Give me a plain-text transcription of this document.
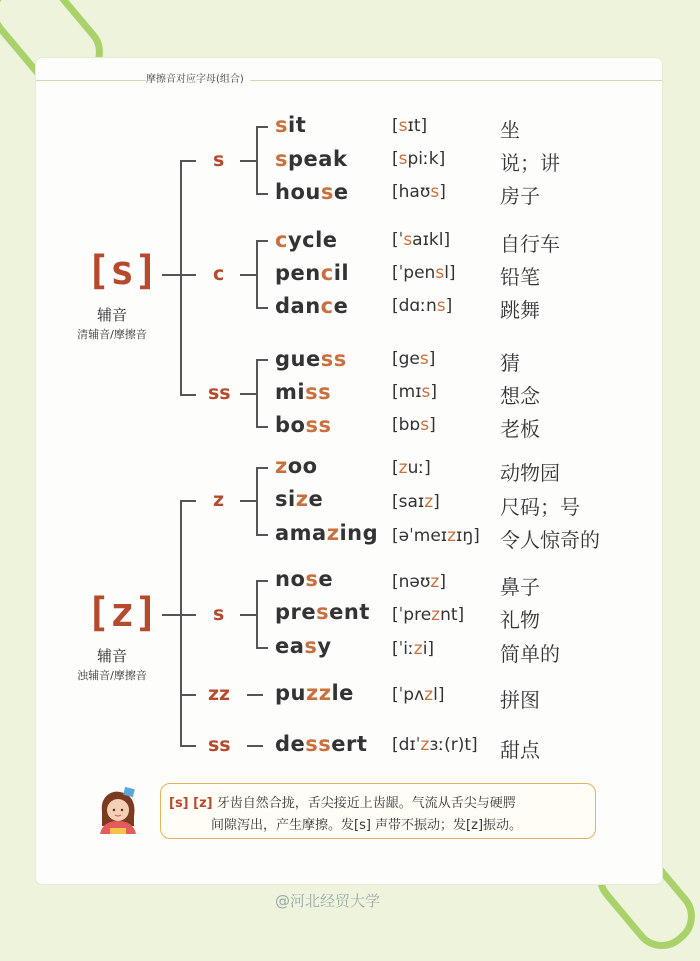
摩擦音对应字母(组合)
[s]
辅音
清辅音/摩擦音
s
sit	[sɪt]	坐
speak	[spiːk]	说；讲
house	[haʊs]	房子
c
cycle	[ˈsaɪkl] 自行车
pencil	[ˈpensl] 铅笔
dance	[dɑːns] 跳舞
ss
guess	[ges]	猜
miss	[mɪs]	想念
boss	[bɒs]	老板
[z]
辅音
浊辅音/摩擦音
z
zoo	[zuː]	动物园
size	[saɪz]	尺码；号
amazing [əˈmeɪzɪŋ] 令人惊奇的
s
nose	[nəʊz]	鼻子
present [ˈpreznt] 礼物
easy	[ˈiːzi]	简单的
zz puzzle [ˈpʌzl]	拼图
ss dessert [dɪˈzɜː(r)t] 甜点
[s] [z] 牙齿自然合拢，舌尖接近上齿龈。气流从舌尖与硬腭
间隙泻出，产生摩擦。发[s] 声带不振动；发[z]振动。
@河北经贸大学
